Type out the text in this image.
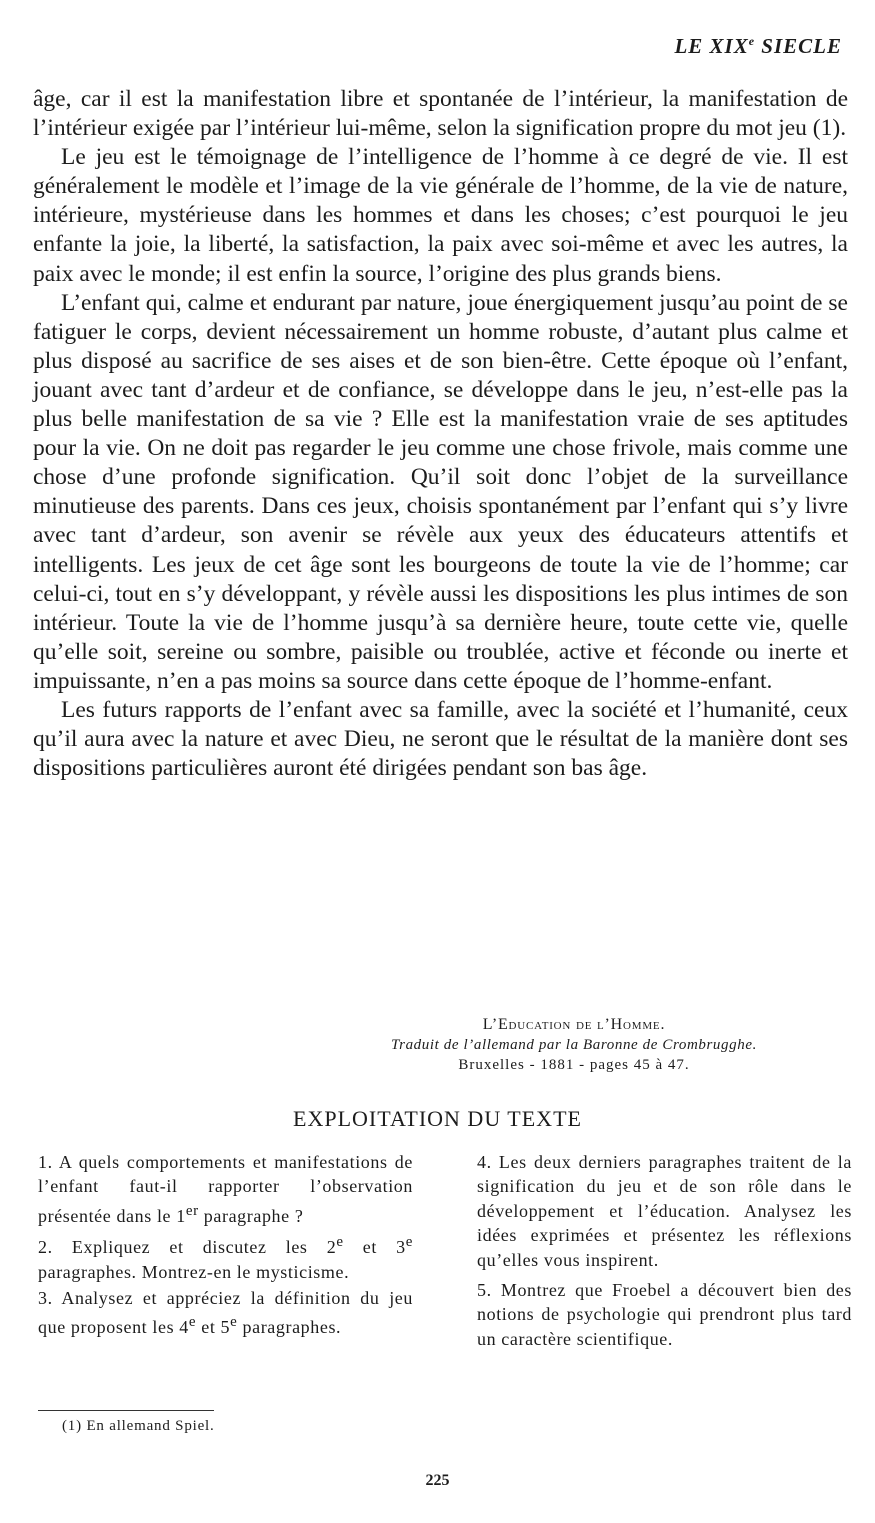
LE XIXe SIECLE

âge, car il est la manifestation libre et spontanée de l’intérieur, la manifestation de l’intérieur exigée par l’intérieur lui-même, selon la signification propre du mot jeu (1).

Le jeu est le témoignage de l’intelligence de l’homme à ce degré de vie. Il est généralement le modèle et l’image de la vie générale de l’homme, de la vie de nature, intérieure, mystérieuse dans les hommes et dans les choses; c’est pourquoi le jeu enfante la joie, la liberté, la satisfaction, la paix avec soi-même et avec les autres, la paix avec le monde; il est enfin la source, l’origine des plus grands biens.

L’enfant qui, calme et endurant par nature, joue énergiquement jusqu’au point de se fatiguer le corps, devient nécessairement un homme robuste, d’autant plus calme et plus disposé au sacrifice de ses aises et de son bien-être. Cette époque où l’enfant, jouant avec tant d’ardeur et de confiance, se développe dans le jeu, n’est-elle pas la plus belle manifestation de sa vie ? Elle est la manifestation vraie de ses aptitudes pour la vie. On ne doit pas regarder le jeu comme une chose frivole, mais comme une chose d’une profonde signification. Qu’il soit donc l’objet de la surveillance minutieuse des parents. Dans ces jeux, choisis spontanément par l’enfant qui s’y livre avec tant d’ardeur, son avenir se révèle aux yeux des éducateurs attentifs et intelligents. Les jeux de cet âge sont les bourgeons de toute la vie de l’homme; car celui-ci, tout en s’y développant, y révèle aussi les dispositions les plus intimes de son intérieur. Toute la vie de l’homme jusqu’à sa dernière heure, toute cette vie, quelle qu’elle soit, sereine ou sombre, paisible ou troublée, active et féconde ou inerte et impuissante, n’en a pas moins sa source dans cette époque de l’homme-enfant.

Les futurs rapports de l’enfant avec sa famille, avec la société et l’humanité, ceux qu’il aura avec la nature et avec Dieu, ne seront que le résultat de la manière dont ses dispositions particulières auront été dirigées pendant son bas âge.

L’Education de l’Homme.
Traduit de l’allemand par la Baronne de Crombrugghe.
Bruxelles - 1881 - pages 45 à 47.
EXPLOITATION DU TEXTE

1. A quels comportements et manifestations de l’enfant faut-il rapporter l’observation présentée dans le 1er paragraphe ?

2. Expliquez et discutez les 2e et 3e paragraphes. Montrez-en le mysticisme.

3. Analysez et appréciez la définition du jeu que proposent les 4e et 5e paragraphes.

4. Les deux derniers paragraphes traitent de la signification du jeu et de son rôle dans le développement et l’éducation. Analysez les idées exprimées et présentez les réflexions qu’elles vous inspirent.

5. Montrez que Froebel a découvert bien des notions de psychologie qui prendront plus tard un caractère scientifique.

(1) En allemand Spiel.
225
